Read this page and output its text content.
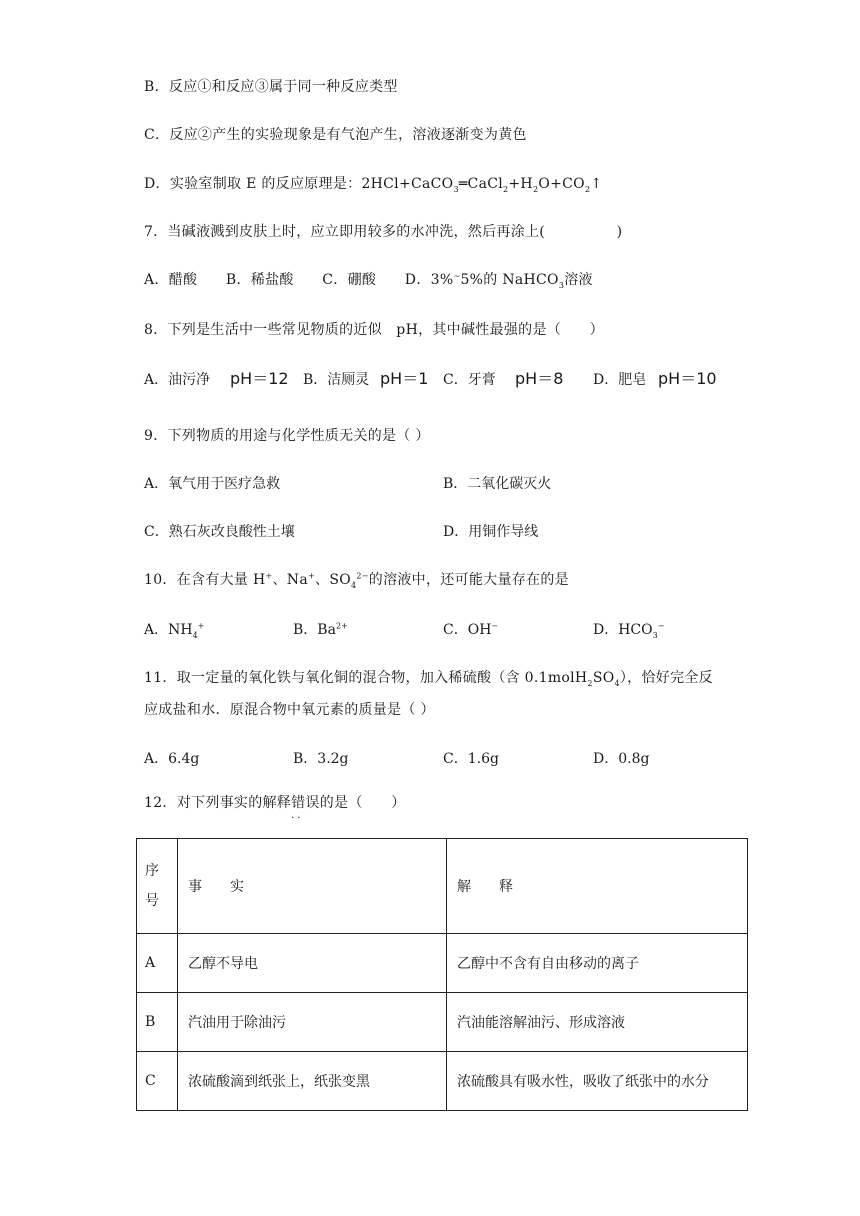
B．反应①和反应③属于同一种反应类型
C．反应②产生的实验现象是有气泡产生，溶液逐渐变为黄色
D．实验室制取 E 的反应原理是：$2HCl+CaCO_3═CaCl_2+H_2O+CO_2↑$
7．当碱液溅到皮肤上时，应立即用较多的水冲洗，然后再涂上(　　　　　)
A．醋酸　　B．稀盐酸　　C．硼酸　　D．3%~5%的 NaHCO$_3$溶液
8．下列是生活中一些常见物质的近似　pH，其中碱性最强的是（　　）
A．油污净 pH＝12 B．洁厕灵 pH＝1 C．牙膏 pH＝8 D．肥皂 pH＝10
9．下列物质的用途与化学性质无关的是（ ）
A．氧气用于医疗急救	B．二氧化碳灭火
C．熟石灰改良酸性土壤	D．用铜作导线
10．在含有大量 H+、Na+、$SO_4^{2-}$的溶液中，还可能大量存在的是
A．$NH_4^+$	B．$Ba^{2+}$	C．OH−	D．$HCO_3^-$
11．取一定量的氧化铁与氧化铜的混合物，加入稀硫酸（含 $0.1molH_2SO_4$），恰好完全反
应成盐和水．原混合物中氧元素的质量是（ ）
A．6.4g	B．3.2g	C．1.6g	D．0.8g
12．对下列事实的解释错误
··
的是（　　）
序
号	事　　实	解　　释
A	乙醇不导电	乙醇中不含有自由移动的离子
B	汽油用于除油污	汽油能溶解油污、形成溶液
C	浓硫酸滴到纸张上，纸张变黑	浓硫酸具有吸水性，吸收了纸张中的水分
